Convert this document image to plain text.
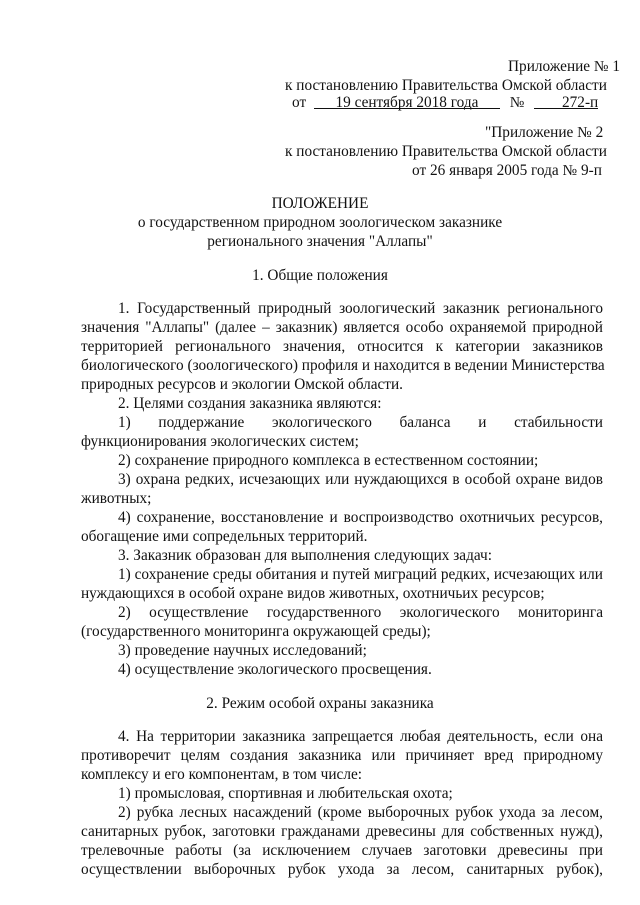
Приложение № 1
к постановлению Правительства Омской области
от 19 сентября 2018 года № 272-п
"Приложение № 2
к постановлению Правительства Омской области
от 26 января 2005 года № 9-п
ПОЛОЖЕНИЕ
о государственном природном зоологическом заказнике
регионального значения "Аллапы"
1. Общие положения
1. Государственный природный зоологический заказник регионального
значения "Аллапы" (далее – заказник) является особо охраняемой природной
территорией регионального значения, относится к категории заказников
биологического (зоологического) профиля и находится в ведении Министерства
природных ресурсов и экологии Омской области.
2. Целями создания заказника являются:
1) поддержание экологического баланса и стабильности
функционирования экологических систем;
2) сохранение природного комплекса в естественном состоянии;
3) охрана редких, исчезающих или нуждающихся в особой охране видов
животных;
4) сохранение, восстановление и воспроизводство охотничьих ресурсов,
обогащение ими сопредельных территорий.
3. Заказник образован для выполнения следующих задач:
1) сохранение среды обитания и путей миграций редких, исчезающих или
нуждающихся в особой охране видов животных, охотничьих ресурсов;
2) осуществление государственного экологического мониторинга
(государственного мониторинга окружающей среды);
3) проведение научных исследований;
4) осуществление экологического просвещения.
2. Режим особой охраны заказника
4. На территории заказника запрещается любая деятельность, если она
противоречит целям создания заказника или причиняет вред природному
комплексу и его компонентам, в том числе:
1) промысловая, спортивная и любительская охота;
2) рубка лесных насаждений (кроме выборочных рубок ухода за лесом,
санитарных рубок, заготовки гражданами древесины для собственных нужд),
трелевочные работы (за исключением случаев заготовки древесины при
осуществлении выборочных рубок ухода за лесом, санитарных рубок),
